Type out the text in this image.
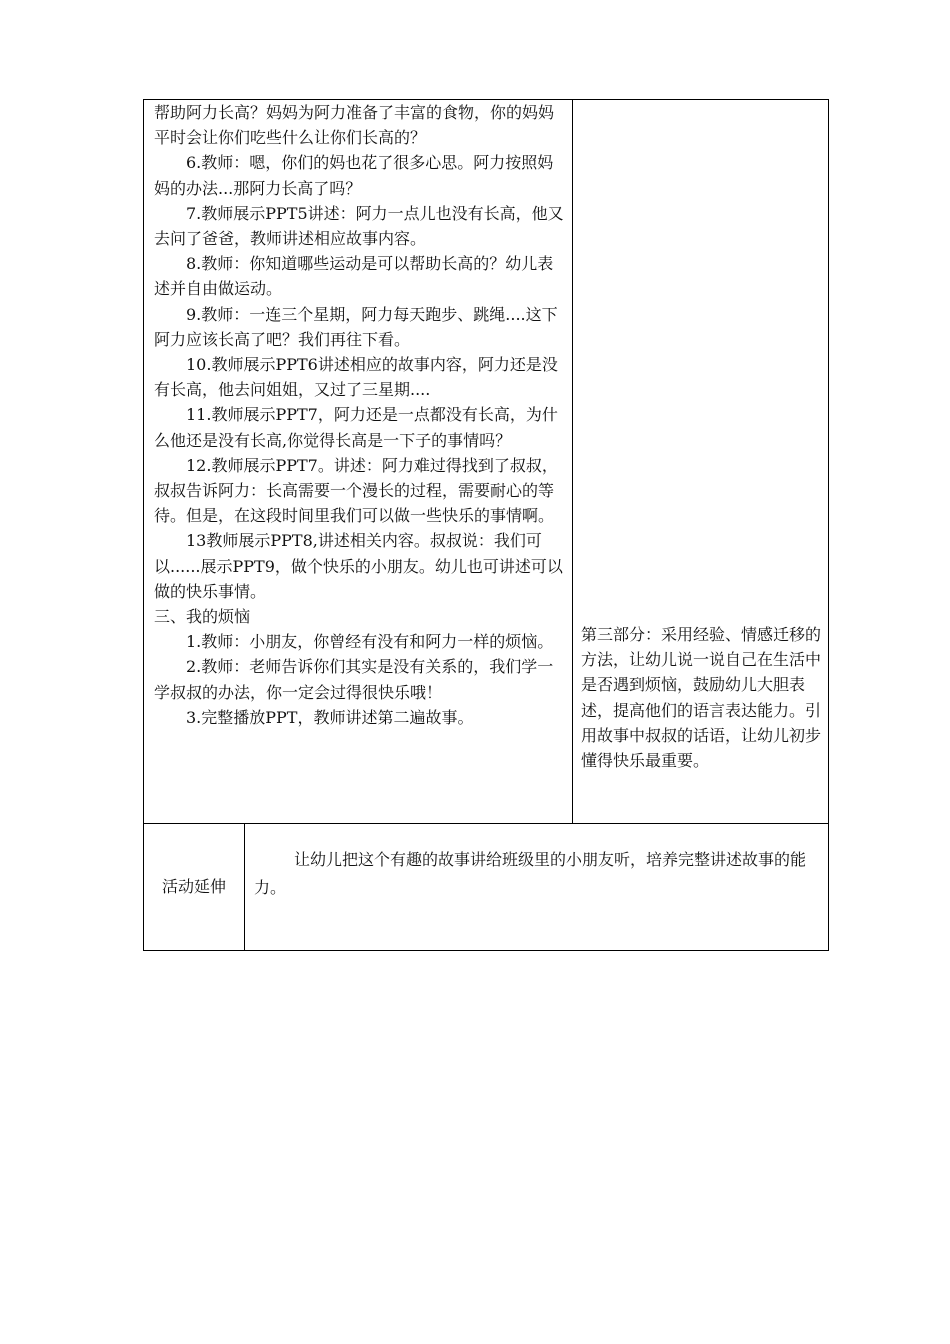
帮助阿力长高？妈妈为阿力准备了丰富的食物，你的妈妈平时会让你们吃些什么让你们长高的？

6.教师：嗯，你们的妈也花了很多心思。阿力按照妈妈的办法...那阿力长高了吗？

7.教师展示PPT5讲述：阿力一点儿也没有长高，他又去问了爸爸，教师讲述相应故事内容。

8.教师：你知道哪些运动是可以帮助长高的？幼儿表述并自由做运动。

9.教师：一连三个星期，阿力每天跑步、跳绳....这下阿力应该长高了吧？我们再往下看。

10.教师展示PPT6讲述相应的故事内容，阿力还是没有长高，他去问姐姐，又过了三星期....

11.教师展示PPT7，阿力还是一点都没有长高，为什么他还是没有长高,你觉得长高是一下子的事情吗？

12.教师展示PPT7。讲述：阿力难过得找到了叔叔，叔叔告诉阿力：长高需要一个漫长的过程，需要耐心的等待。但是，在这段时间里我们可以做一些快乐的事情啊。

13教师展示PPT8,讲述相关内容。叔叔说：我们可以......展示PPT9，做个快乐的小朋友。幼儿也可讲述可以做的快乐事情。

三、我的烦恼

1.教师：小朋友，你曾经有没有和阿力一样的烦恼。

2.教师：老师告诉你们其实是没有关系的，我们学一学叔叔的办法，你一定会过得很快乐哦！

3.完整播放PPT，教师讲述第二遍故事。

第三部分：采用经验、情感迁移的方法，让幼儿说一说自己在生活中是否遇到烦恼，鼓励幼儿大胆表述，提高他们的语言表达能力。引用故事中叔叔的话语，让幼儿初步懂得快乐最重要。

活动延伸
让幼儿把这个有趣的故事讲给班级里的小朋友听，培养完整讲述故事的能力。
